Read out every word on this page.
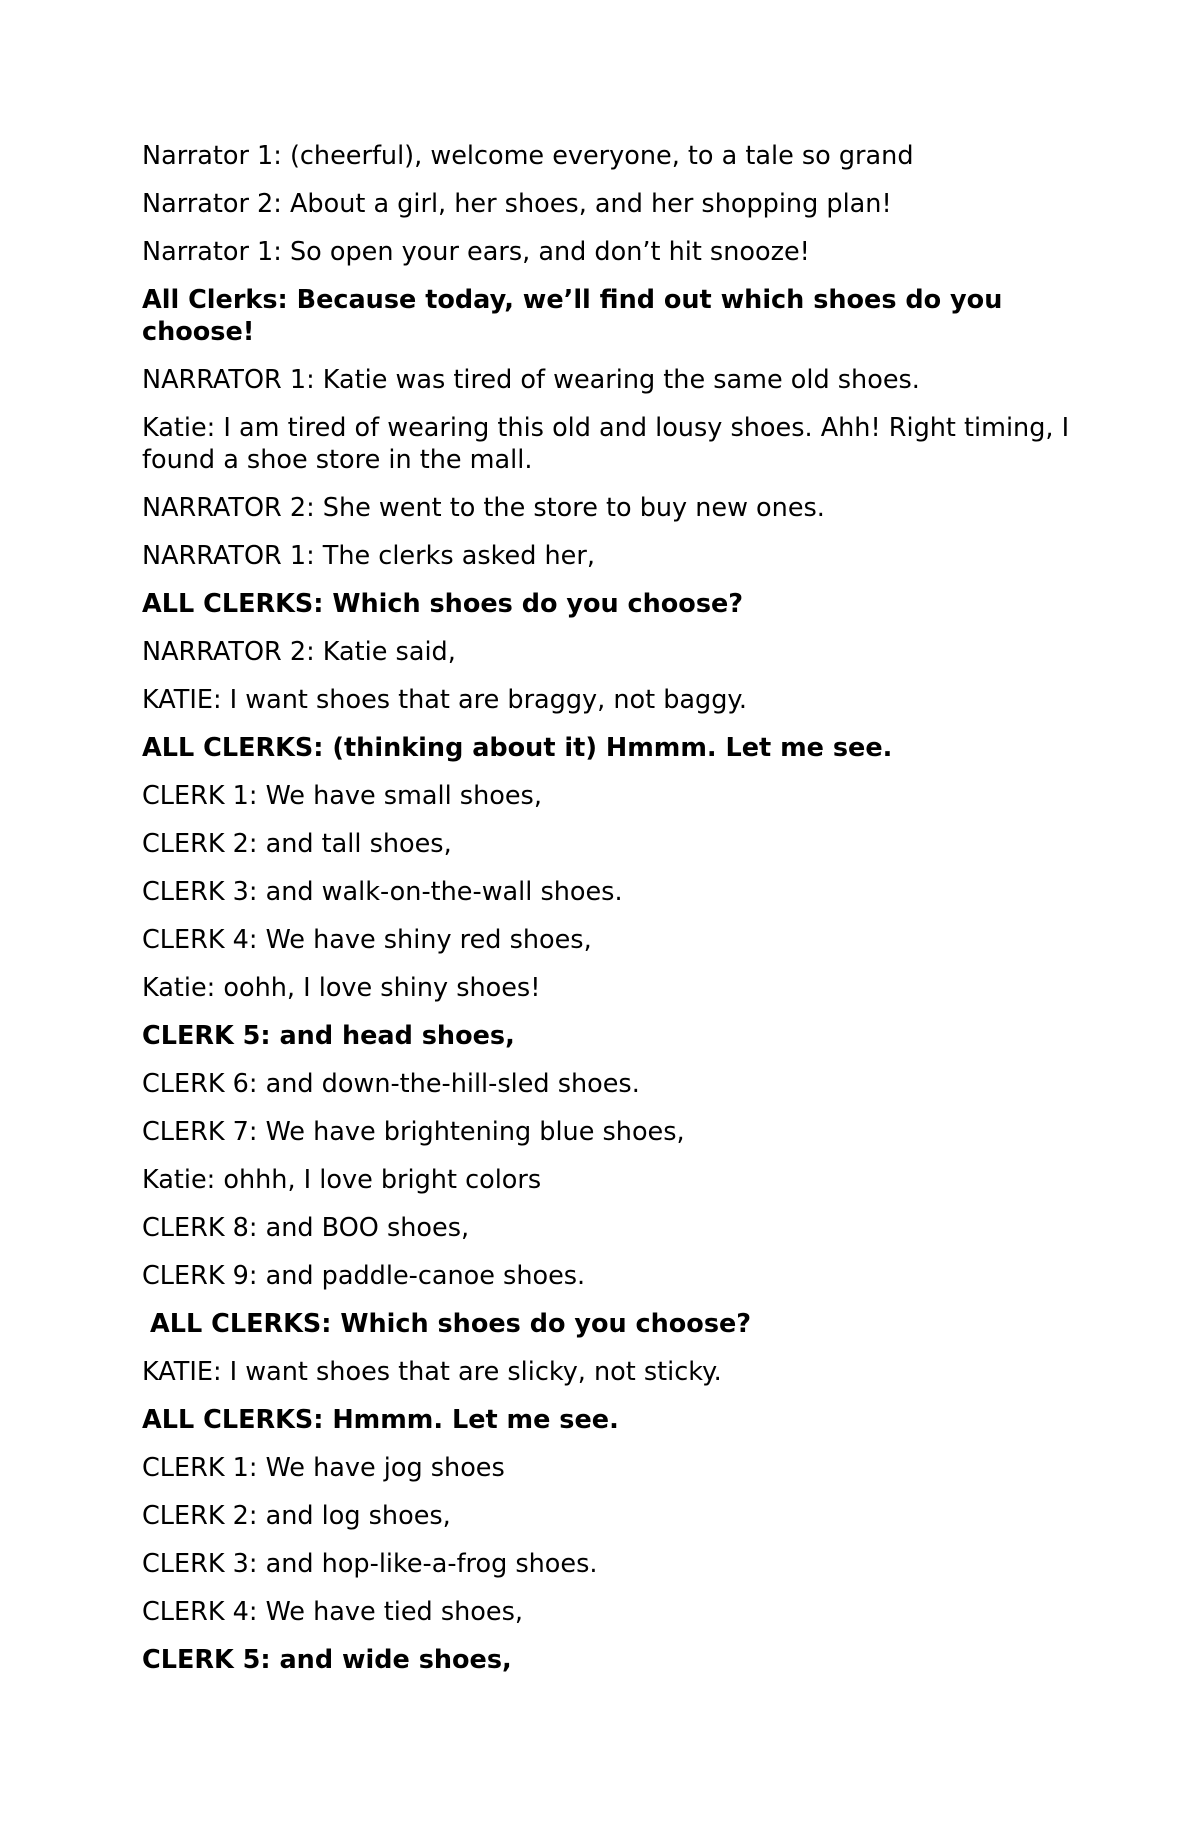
Narrator 1: (cheerful), welcome everyone, to a tale so grand

Narrator 2: About a girl, her shoes, and her shopping plan!

Narrator 1: So open your ears, and don’t hit snooze!

All Clerks: Because today, we’ll find out which shoes do you choose!

NARRATOR 1: Katie was tired of wearing the same old shoes.

Katie: I am tired of wearing this old and lousy shoes. Ahh! Right timing, I found a shoe store in the mall.

NARRATOR 2: She went to the store to buy new ones.

NARRATOR 1: The clerks asked her,

ALL CLERKS: Which shoes do you choose?

NARRATOR 2: Katie said,

KATIE: I want shoes that are braggy, not baggy.

ALL CLERKS: (thinking about it) Hmmm. Let me see.

CLERK 1: We have small shoes,

CLERK 2: and tall shoes,

CLERK 3: and walk-on-the-wall shoes.

CLERK 4: We have shiny red shoes,

Katie: oohh, I love shiny shoes!

CLERK 5: and head shoes,

CLERK 6: and down-the-hill-sled shoes.

CLERK 7: We have brightening blue shoes,

Katie: ohhh, I love bright colors

CLERK 8: and BOO shoes,

CLERK 9: and paddle-canoe shoes.

ALL CLERKS: Which shoes do you choose?

KATIE: I want shoes that are slicky, not sticky.

ALL CLERKS: Hmmm. Let me see.

CLERK 1: We have jog shoes

CLERK 2: and log shoes,

CLERK 3: and hop-like-a-frog shoes.

CLERK 4: We have tied shoes,

CLERK 5: and wide shoes,
